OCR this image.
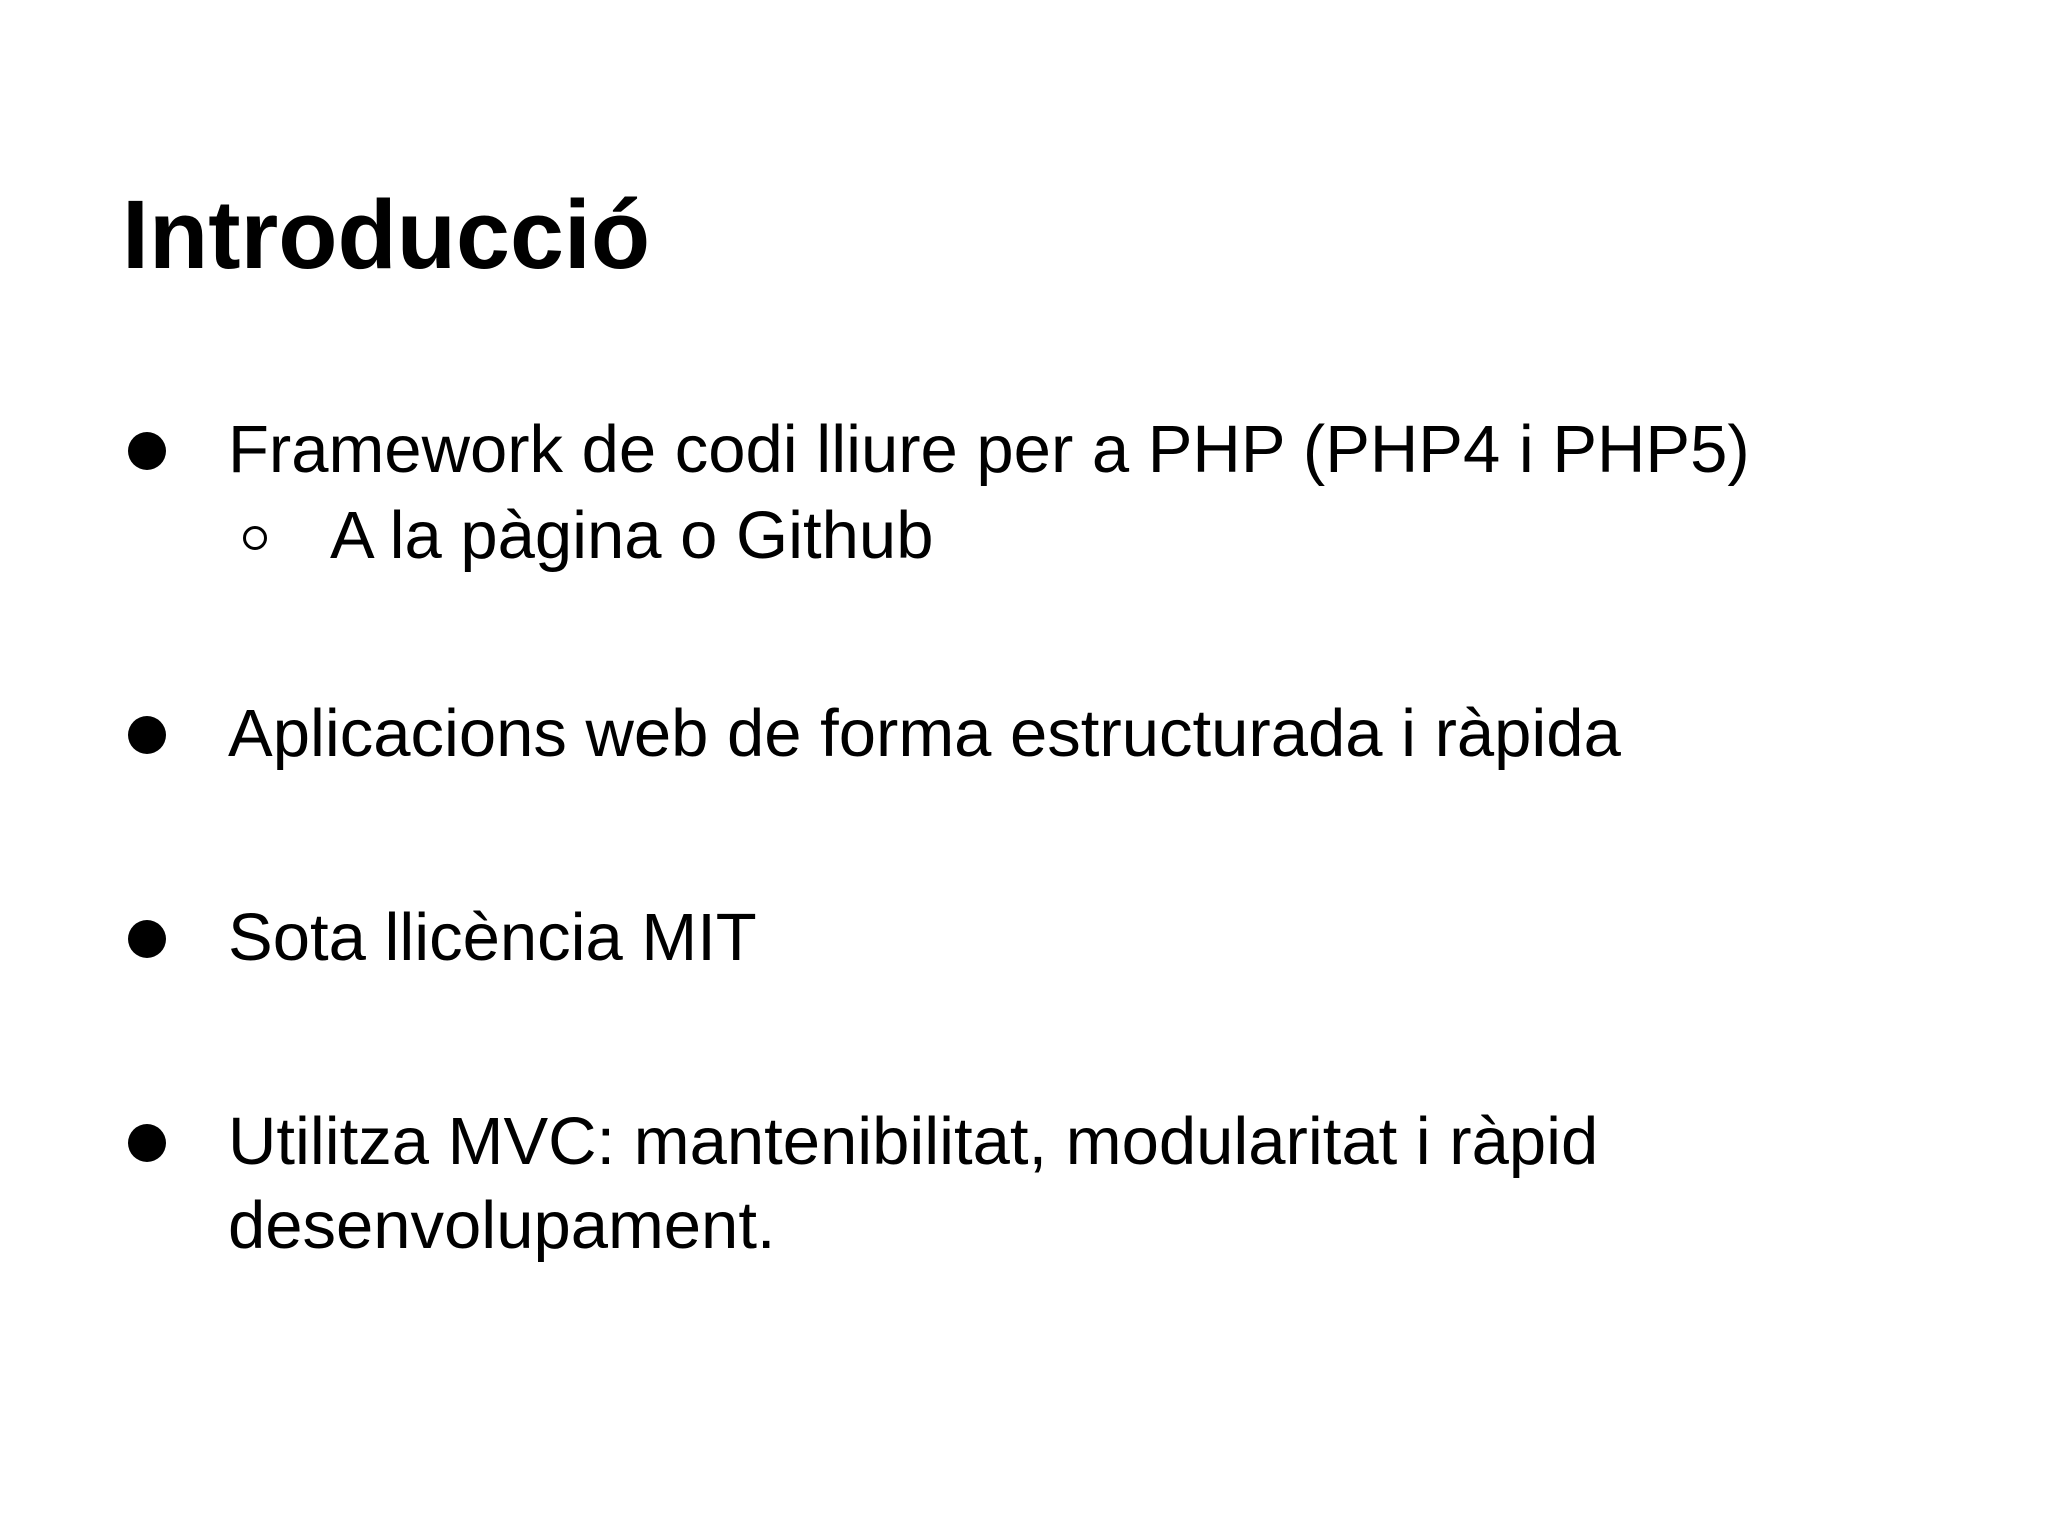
Introducció
Framework de codi lliure per a PHP (PHP4 i PHP5)
A la pàgina o Github
Aplicacions web de forma estructurada i ràpida
Sota llicència MIT
Utilitza MVC: mantenibilitat, modularitat i ràpid
desenvolupament.
